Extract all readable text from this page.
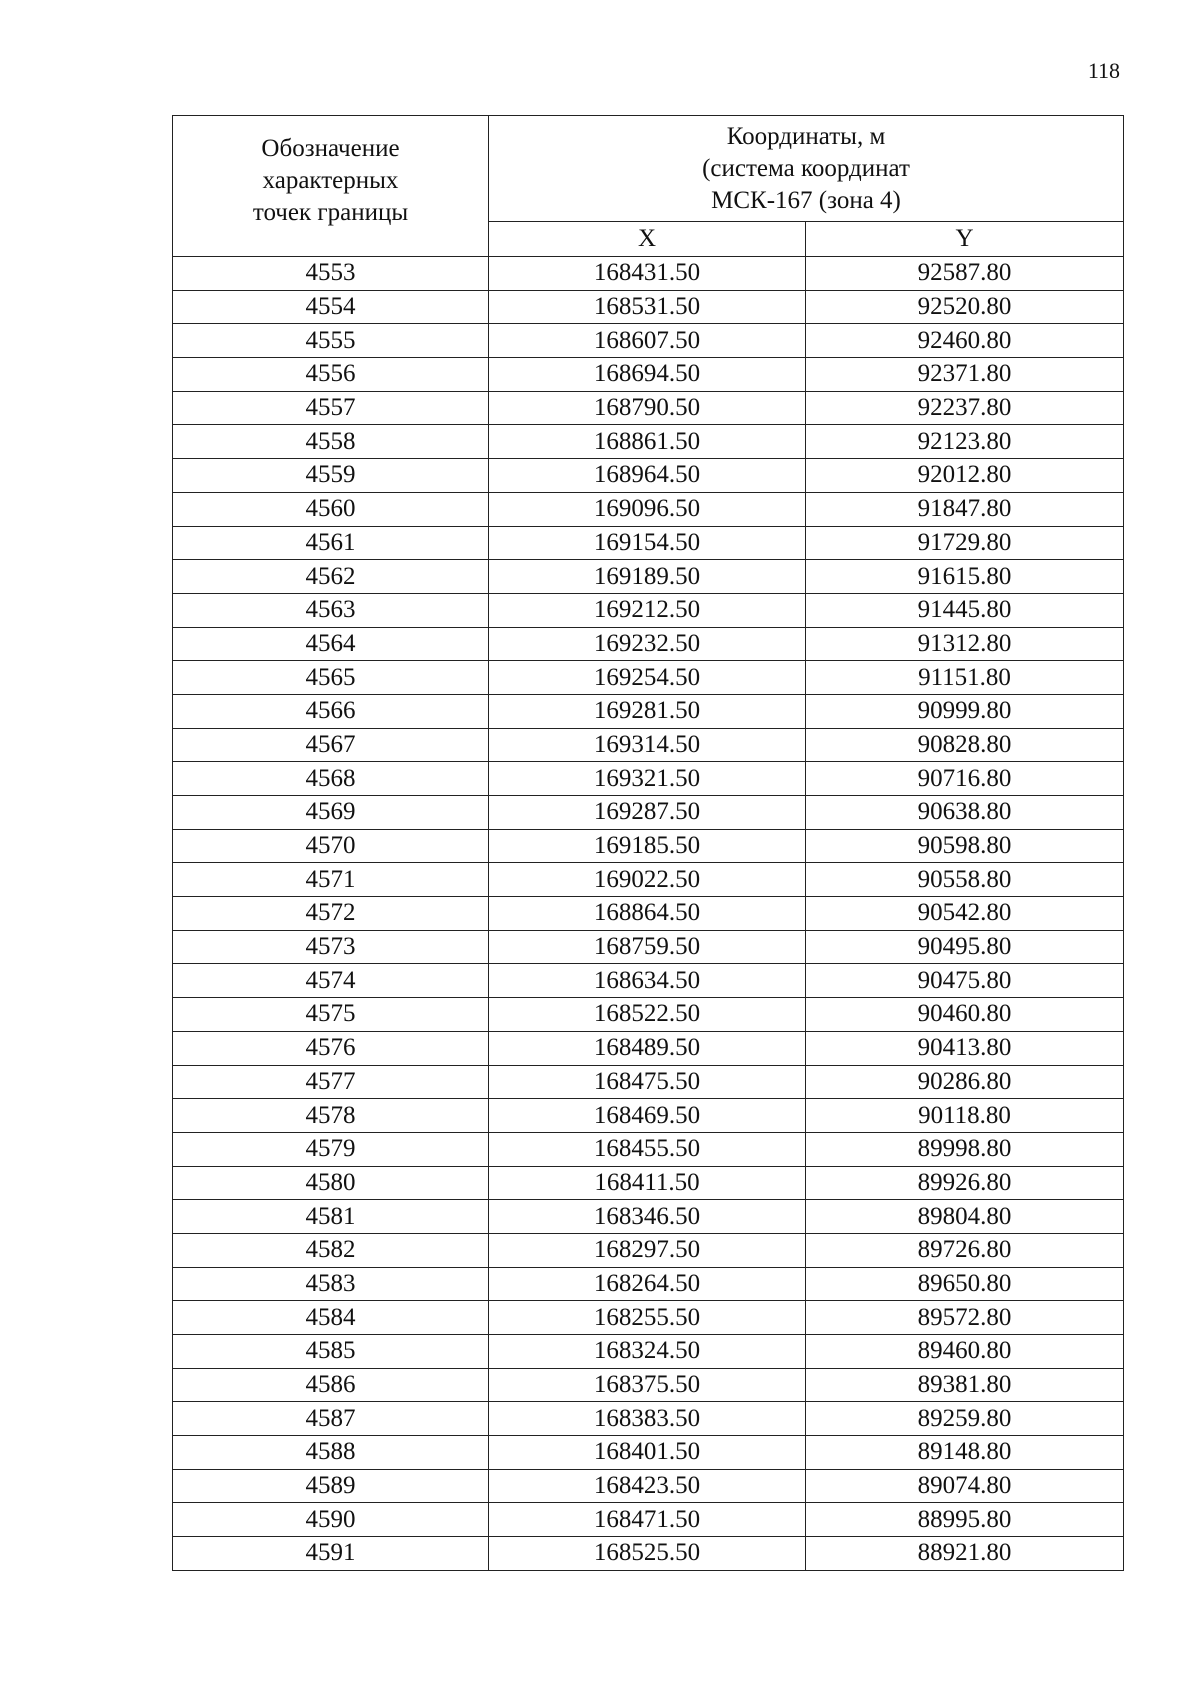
118
Обозначение
характерных
точек границы	Координаты, м
(система координат
МСК-167 (зона 4)	
	X	Y
4553	168431.50	92587.80
4554	168531.50	92520.80
4555	168607.50	92460.80
4556	168694.50	92371.80
4557	168790.50	92237.80
4558	168861.50	92123.80
4559	168964.50	92012.80
4560	169096.50	91847.80
4561	169154.50	91729.80
4562	169189.50	91615.80
4563	169212.50	91445.80
4564	169232.50	91312.80
4565	169254.50	91151.80
4566	169281.50	90999.80
4567	169314.50	90828.80
4568	169321.50	90716.80
4569	169287.50	90638.80
4570	169185.50	90598.80
4571	169022.50	90558.80
4572	168864.50	90542.80
4573	168759.50	90495.80
4574	168634.50	90475.80
4575	168522.50	90460.80
4576	168489.50	90413.80
4577	168475.50	90286.80
4578	168469.50	90118.80
4579	168455.50	89998.80
4580	168411.50	89926.80
4581	168346.50	89804.80
4582	168297.50	89726.80
4583	168264.50	89650.80
4584	168255.50	89572.80
4585	168324.50	89460.80
4586	168375.50	89381.80
4587	168383.50	89259.80
4588	168401.50	89148.80
4589	168423.50	89074.80
4590	168471.50	88995.80
4591	168525.50	88921.80
